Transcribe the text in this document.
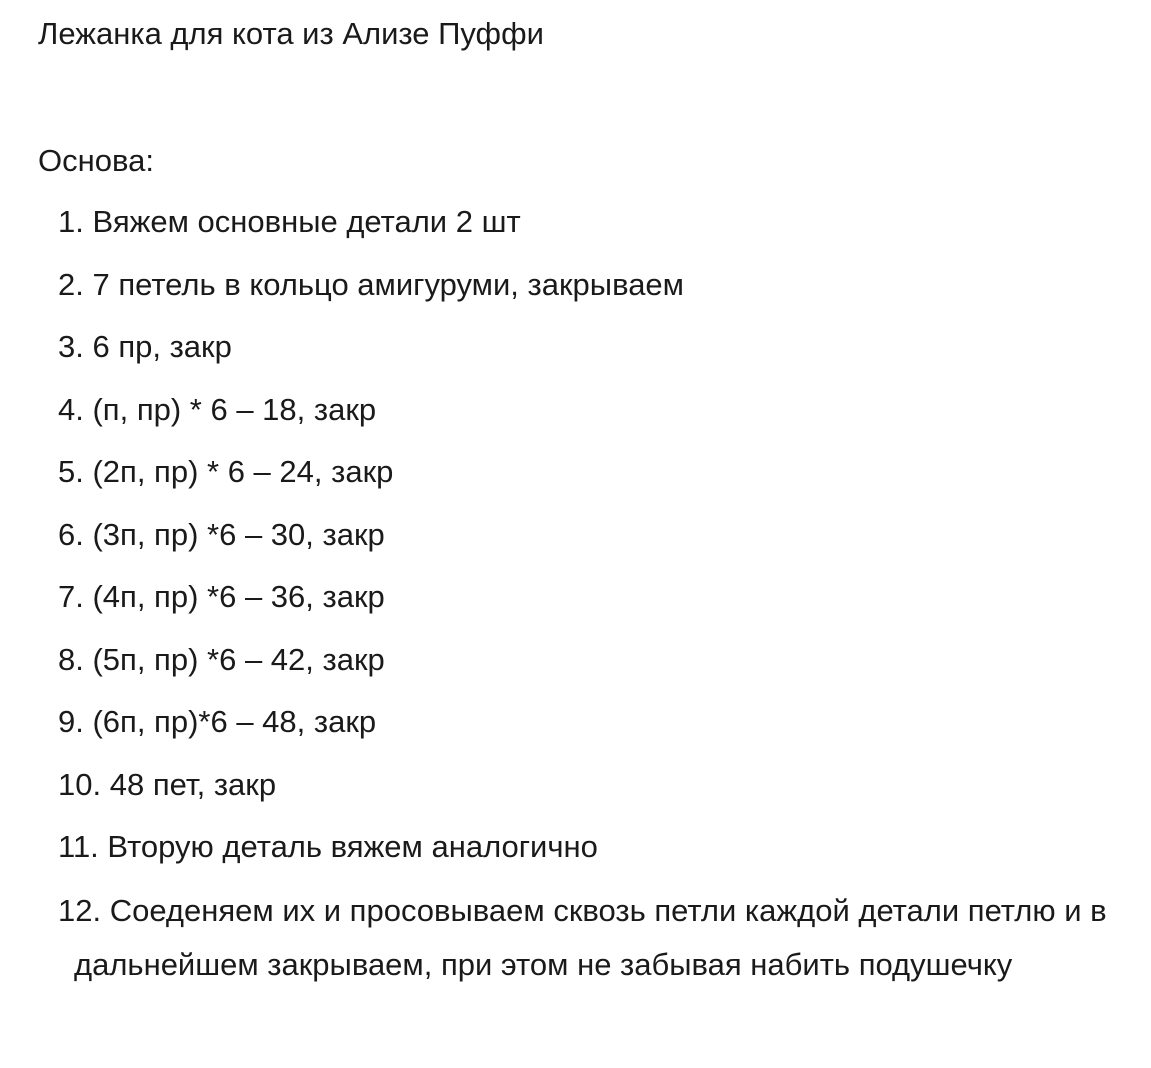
Лежанка для кота из Ализе Пуффи
Основа:
1. Вяжем основные детали 2 шт
2. 7 петель в кольцо амигуруми, закрываем
3. 6 пр, закр
4. (п, пр) * 6 – 18, закр
5. (2п, пр) * 6 – 24, закр
6. (3п, пр) *6 – 30, закр
7. (4п, пр) *6 – 36, закр
8. (5п, пр) *6 – 42, закр
9. (6п, пр)*6 – 48, закр
10. 48 пет, закр
11. Вторую деталь вяжем аналогично
12. Соеденяем их и просовываем сквозь петли каждой детали петлю и в дальнейшем закрываем, при этом не забывая набить подушечку
